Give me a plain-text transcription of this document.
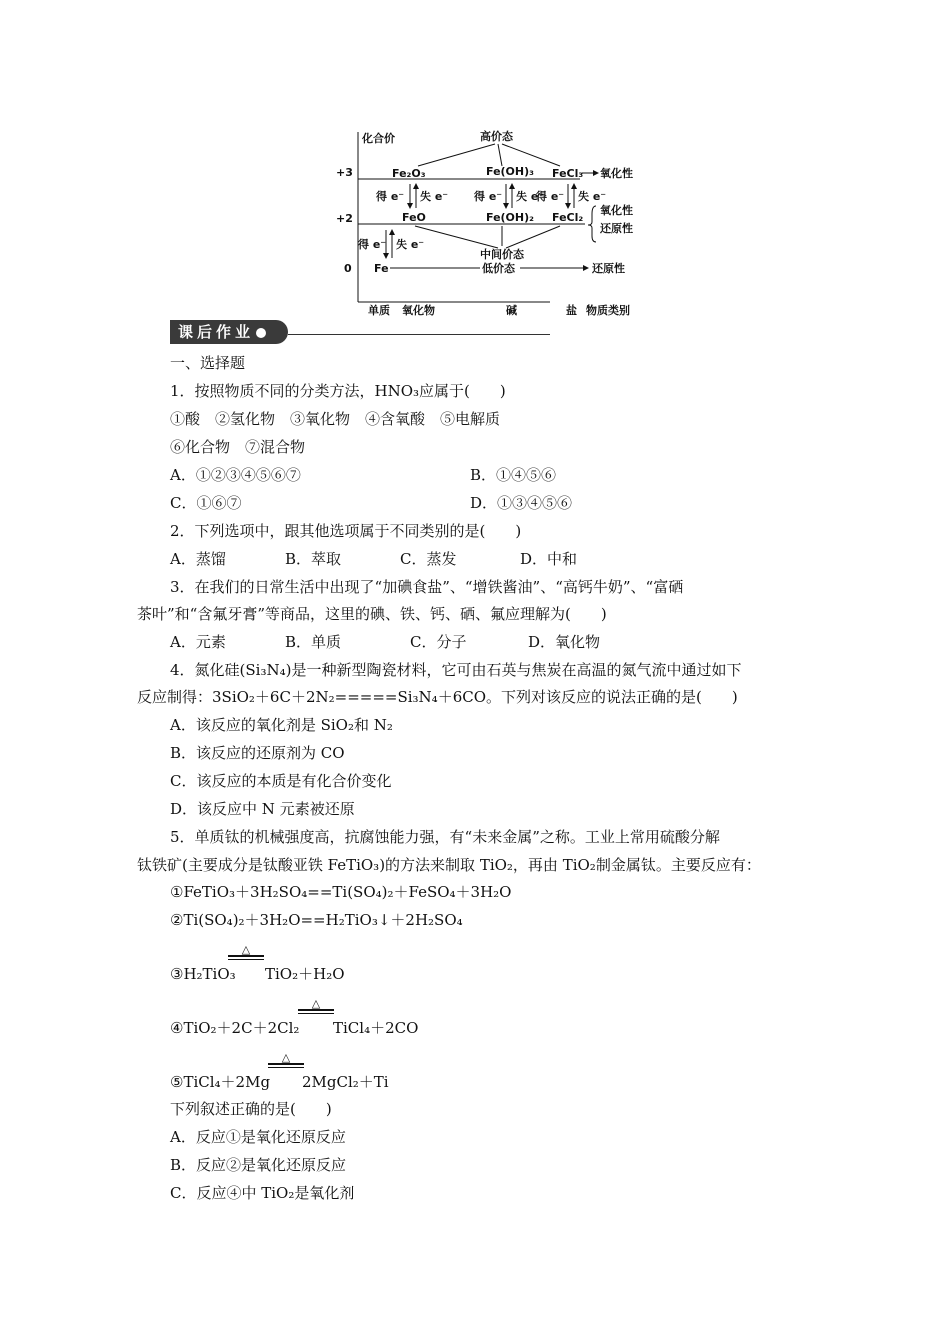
化合价
+3
+2
0
单质 氧化物	碱	盐 物质类别
高价态
Fe₂O₃	Fe(OH)₃ FeCl₃ 氧化性
得 e⁻ 失 e⁻ 得 e⁻ 失 e⁻
得 e⁻ 失 e⁻
FeO	Fe(OH)₂ FeCl₂
氧化性
还原性
中间价态
得 e⁻ 失 e⁻
Fe	低价态	还原性
课后作业
一、选择题
1．按照物质不同的分类方法，HNO₃应属于(　　)
①酸　②氢化物　③氧化物　④含氧酸　⑤电解质
⑥化合物　⑦混合物
A．①②③④⑤⑥⑦	B．①④⑤⑥
C．①⑥⑦	D．①③④⑤⑥
2．下列选项中，跟其他选项属于不同类别的是(　　)
A．蒸馏	B．萃取	C．蒸发	D．中和
3．在我们的日常生活中出现了“加碘食盐”、“增铁酱油”、“高钙牛奶”、“富硒
茶叶”和“含氟牙膏”等商品，这里的碘、铁、钙、硒、氟应理解为(　　)
A．元素	B．单质	C．分子	D．氧化物
4．氮化硅(Si₃N₄)是一种新型陶瓷材料，它可由石英与焦炭在高温的氮气流中通过如下
反应制得：3SiO₂＋6C＋2N₂=====Si₃N₄＋6CO。下列对该反应的说法正确的是(　　)
A．该反应的氧化剂是 SiO₂和 N₂
B．该反应的还原剂为 CO
C．该反应的本质是有化合价变化
D．该反应中 N 元素被还原
5．单质钛的机械强度高，抗腐蚀能力强，有“未来金属”之称。工业上常用硫酸分解
钛铁矿(主要成分是钛酸亚铁 FeTiO₃)的方法来制取 TiO₂，再由 TiO₂制金属钛。主要反应有：
①FeTiO₃＋3H₂SO₄==Ti(SO₄)₂＋FeSO₄＋3H₂O
②Ti(SO₄)₂＋3H₂O==H₂TiO₃↓＋2H₂SO₄
③H₂TiO₃
△
TiO₂＋H₂O
④TiO₂＋2C＋2Cl₂
△
TiCl₄＋2CO
⑤TiCl₄＋2Mg
△
2MgCl₂＋Ti
下列叙述正确的是(　　)
A．反应①是氧化还原反应
B．反应②是氧化还原反应
C．反应④中 TiO₂是氧化剂
